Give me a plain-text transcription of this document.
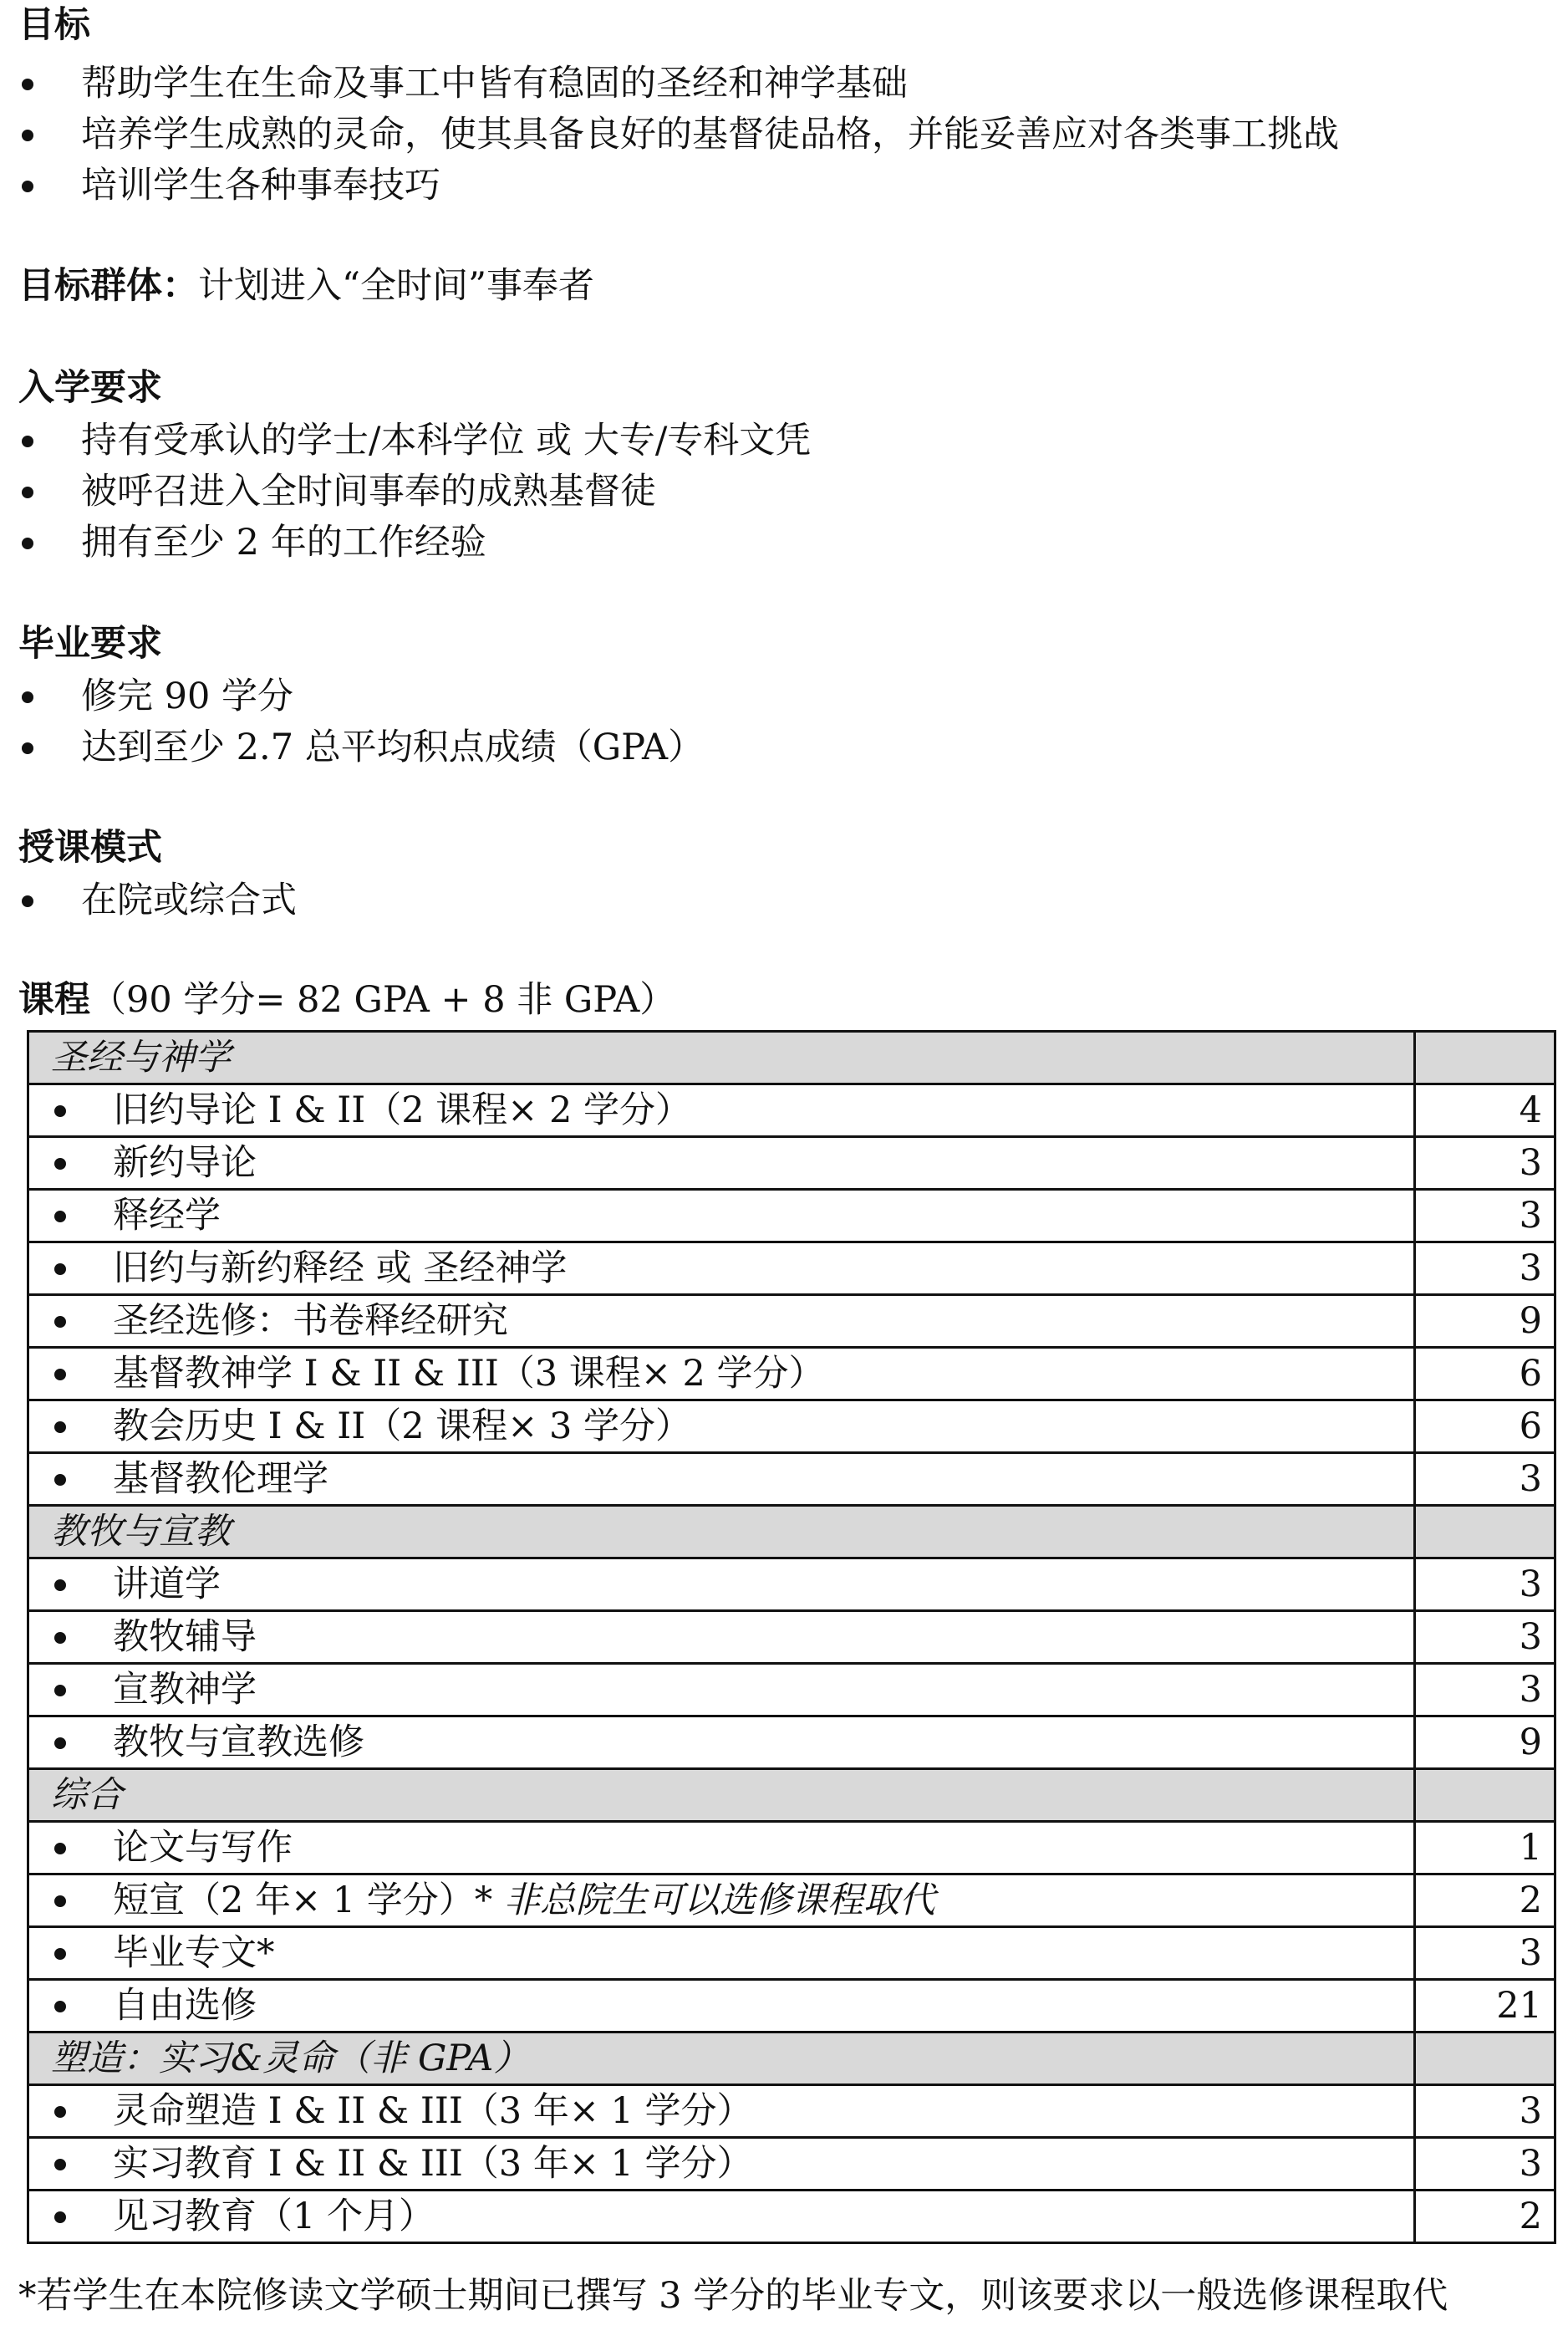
目标
帮助学生在生命及事工中皆有稳固的圣经和神学基础
培养学生成熟的灵命，使其具备良好的基督徒品格，并能妥善应对各类事工挑战
培训学生各种事奉技巧
目标群体：计划进入“全时间”事奉者
入学要求
持有受承认的学士/本科学位 或 大专/专科文凭
被呼召进入全时间事奉的成熟基督徒
拥有至少 2 年的工作经验
毕业要求
修完 90 学分
达到至少 2.7 总平均积点成绩（GPA）
授课模式
在院或综合式
课程（90 学分= 82 GPA + 8 非 GPA）
圣经与神学
旧约导论 I & II（2 课程× 2 学分）	4
新约导论	3
释经学	3
旧约与新约释经 或 圣经神学	3
圣经选修：书卷释经研究	9
基督教神学 I & II & III（3 课程× 2 学分）	6
教会历史 I & II（2 课程× 3 学分）	6
基督教伦理学	3
教牧与宣教
讲道学	3
教牧辅导	3
宣教神学	3
教牧与宣教选修	9
综合
论文与写作	1
短宣（2 年× 1 学分）* 非总院生可以选修课程取代	2
毕业专文*	3
自由选修	21
塑造：实习&灵命（非 GPA）
灵命塑造 I & II & III（3 年× 1 学分）	3
实习教育 I & II & III（3 年× 1 学分）	3
见习教育（1 个月）	2
*若学生在本院修读文学硕士期间已撰写 3 学分的毕业专文，则该要求以一般选修课程取代
